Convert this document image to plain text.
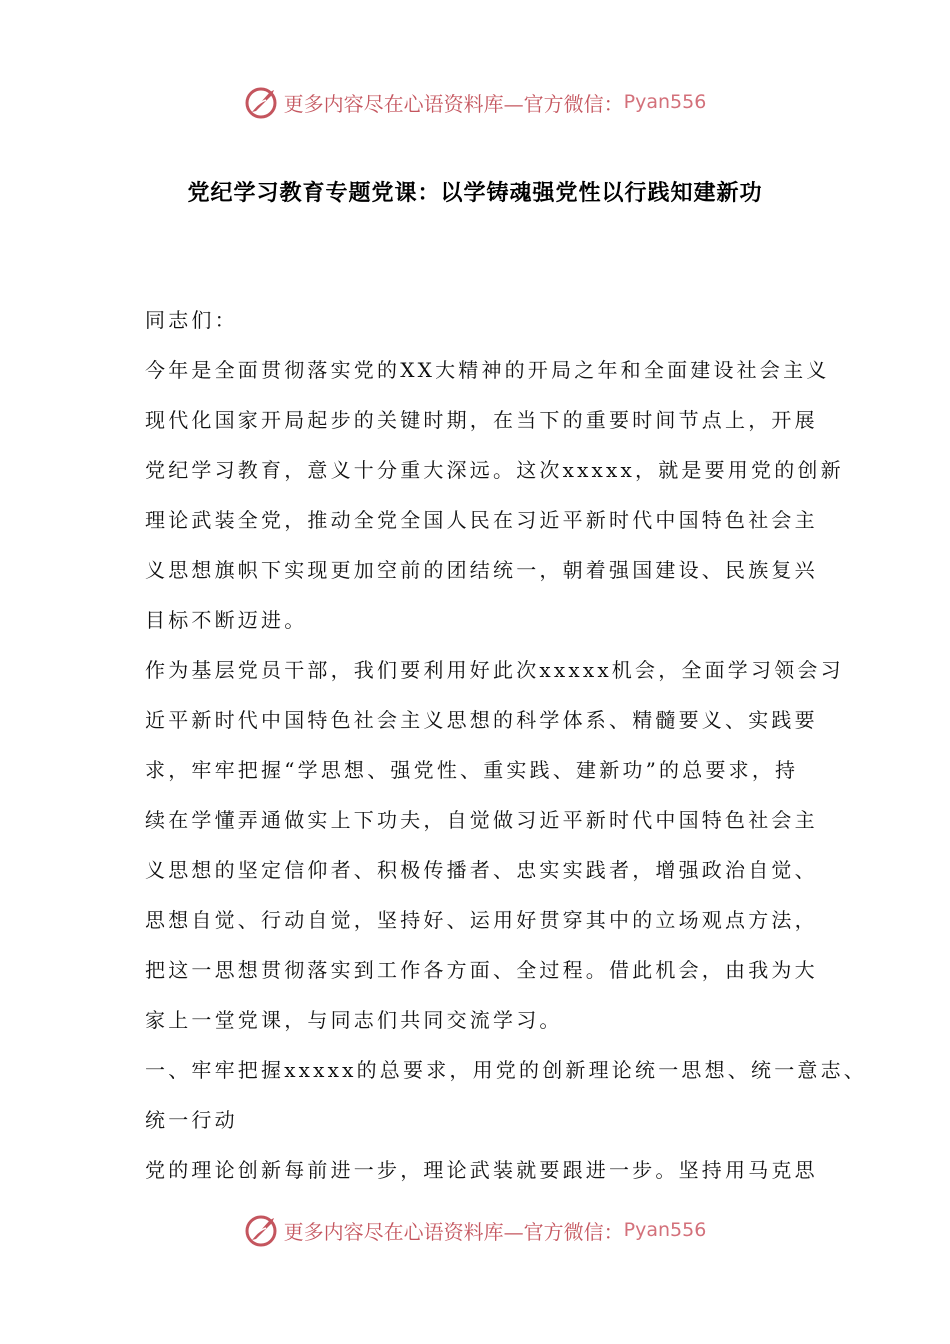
更多内容尽在心语资料库—官方微信： Pyan556
党纪学习教育专题党课：以学铸魂强党性以行践知建新功
同志们：
今年是全面贯彻落实党的XX大精神的开局之年和全面建设社会主义
现代化国家开局起步的关键时期，在当下的重要时间节点上，开展
党纪学习教育，意义十分重大深远。这次xxxxx，就是要用党的创新
理论武装全党，推动全党全国人民在习近平新时代中国特色社会主
义思想旗帜下实现更加空前的团结统一，朝着强国建设、民族复兴
目标不断迈进。
作为基层党员干部，我们要利用好此次xxxxx机会，全面学习领会习
近平新时代中国特色社会主义思想的科学体系、精髓要义、实践要
求，牢牢把握“学思想、强党性、重实践、建新功”的总要求，持
续在学懂弄通做实上下功夫，自觉做习近平新时代中国特色社会主
义思想的坚定信仰者、积极传播者、忠实实践者，增强政治自觉、
思想自觉、行动自觉，坚持好、运用好贯穿其中的立场观点方法，
把这一思想贯彻落实到工作各方面、全过程。借此机会，由我为大
家上一堂党课，与同志们共同交流学习。
一、牢牢把握xxxxx的总要求，用党的创新理论统一思想、统一意志、
统一行动
党的理论创新每前进一步，理论武装就要跟进一步。坚持用马克思
更多内容尽在心语资料库—官方微信： Pyan556
